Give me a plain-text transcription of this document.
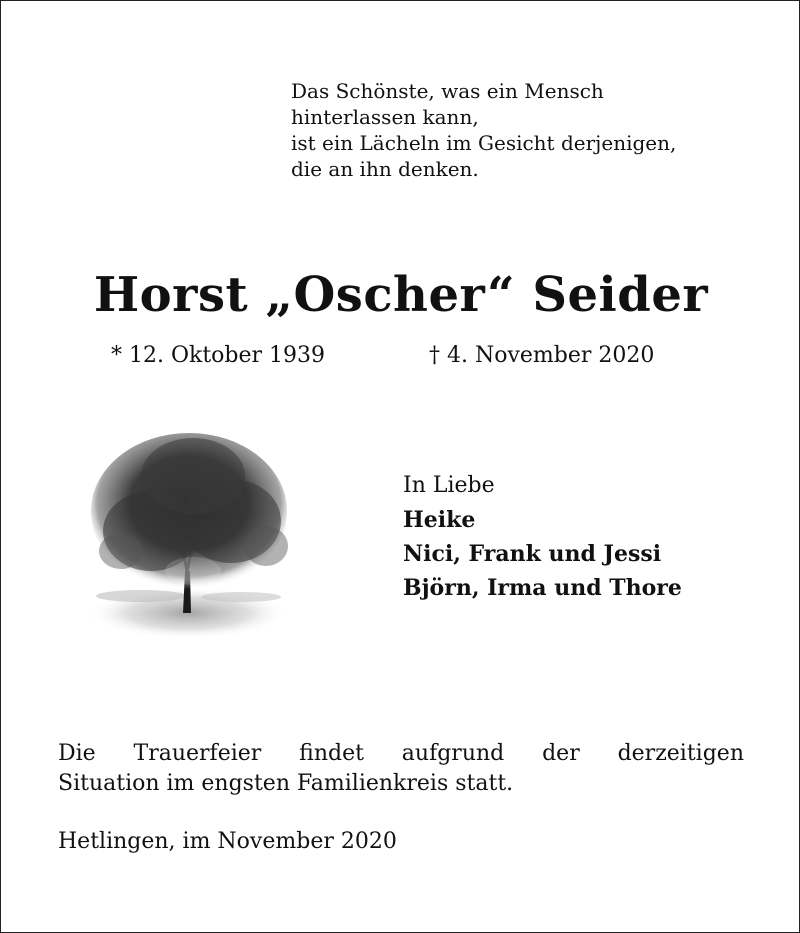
Das Schönste, was ein Mensch
hinterlassen kann,
ist ein Lächeln im Gesicht derjenigen,
die an ihn denken.
Horst „Oscher“ Seider
* 12. Oktober 1939	† 4. November 2020
In Liebe
Heike
Nici, Frank und Jessi
Björn, Irma und Thore
Die Trauerfeier findet aufgrund der derzeitigen
Situation im engsten Familienkreis statt.
Hetlingen, im November 2020
